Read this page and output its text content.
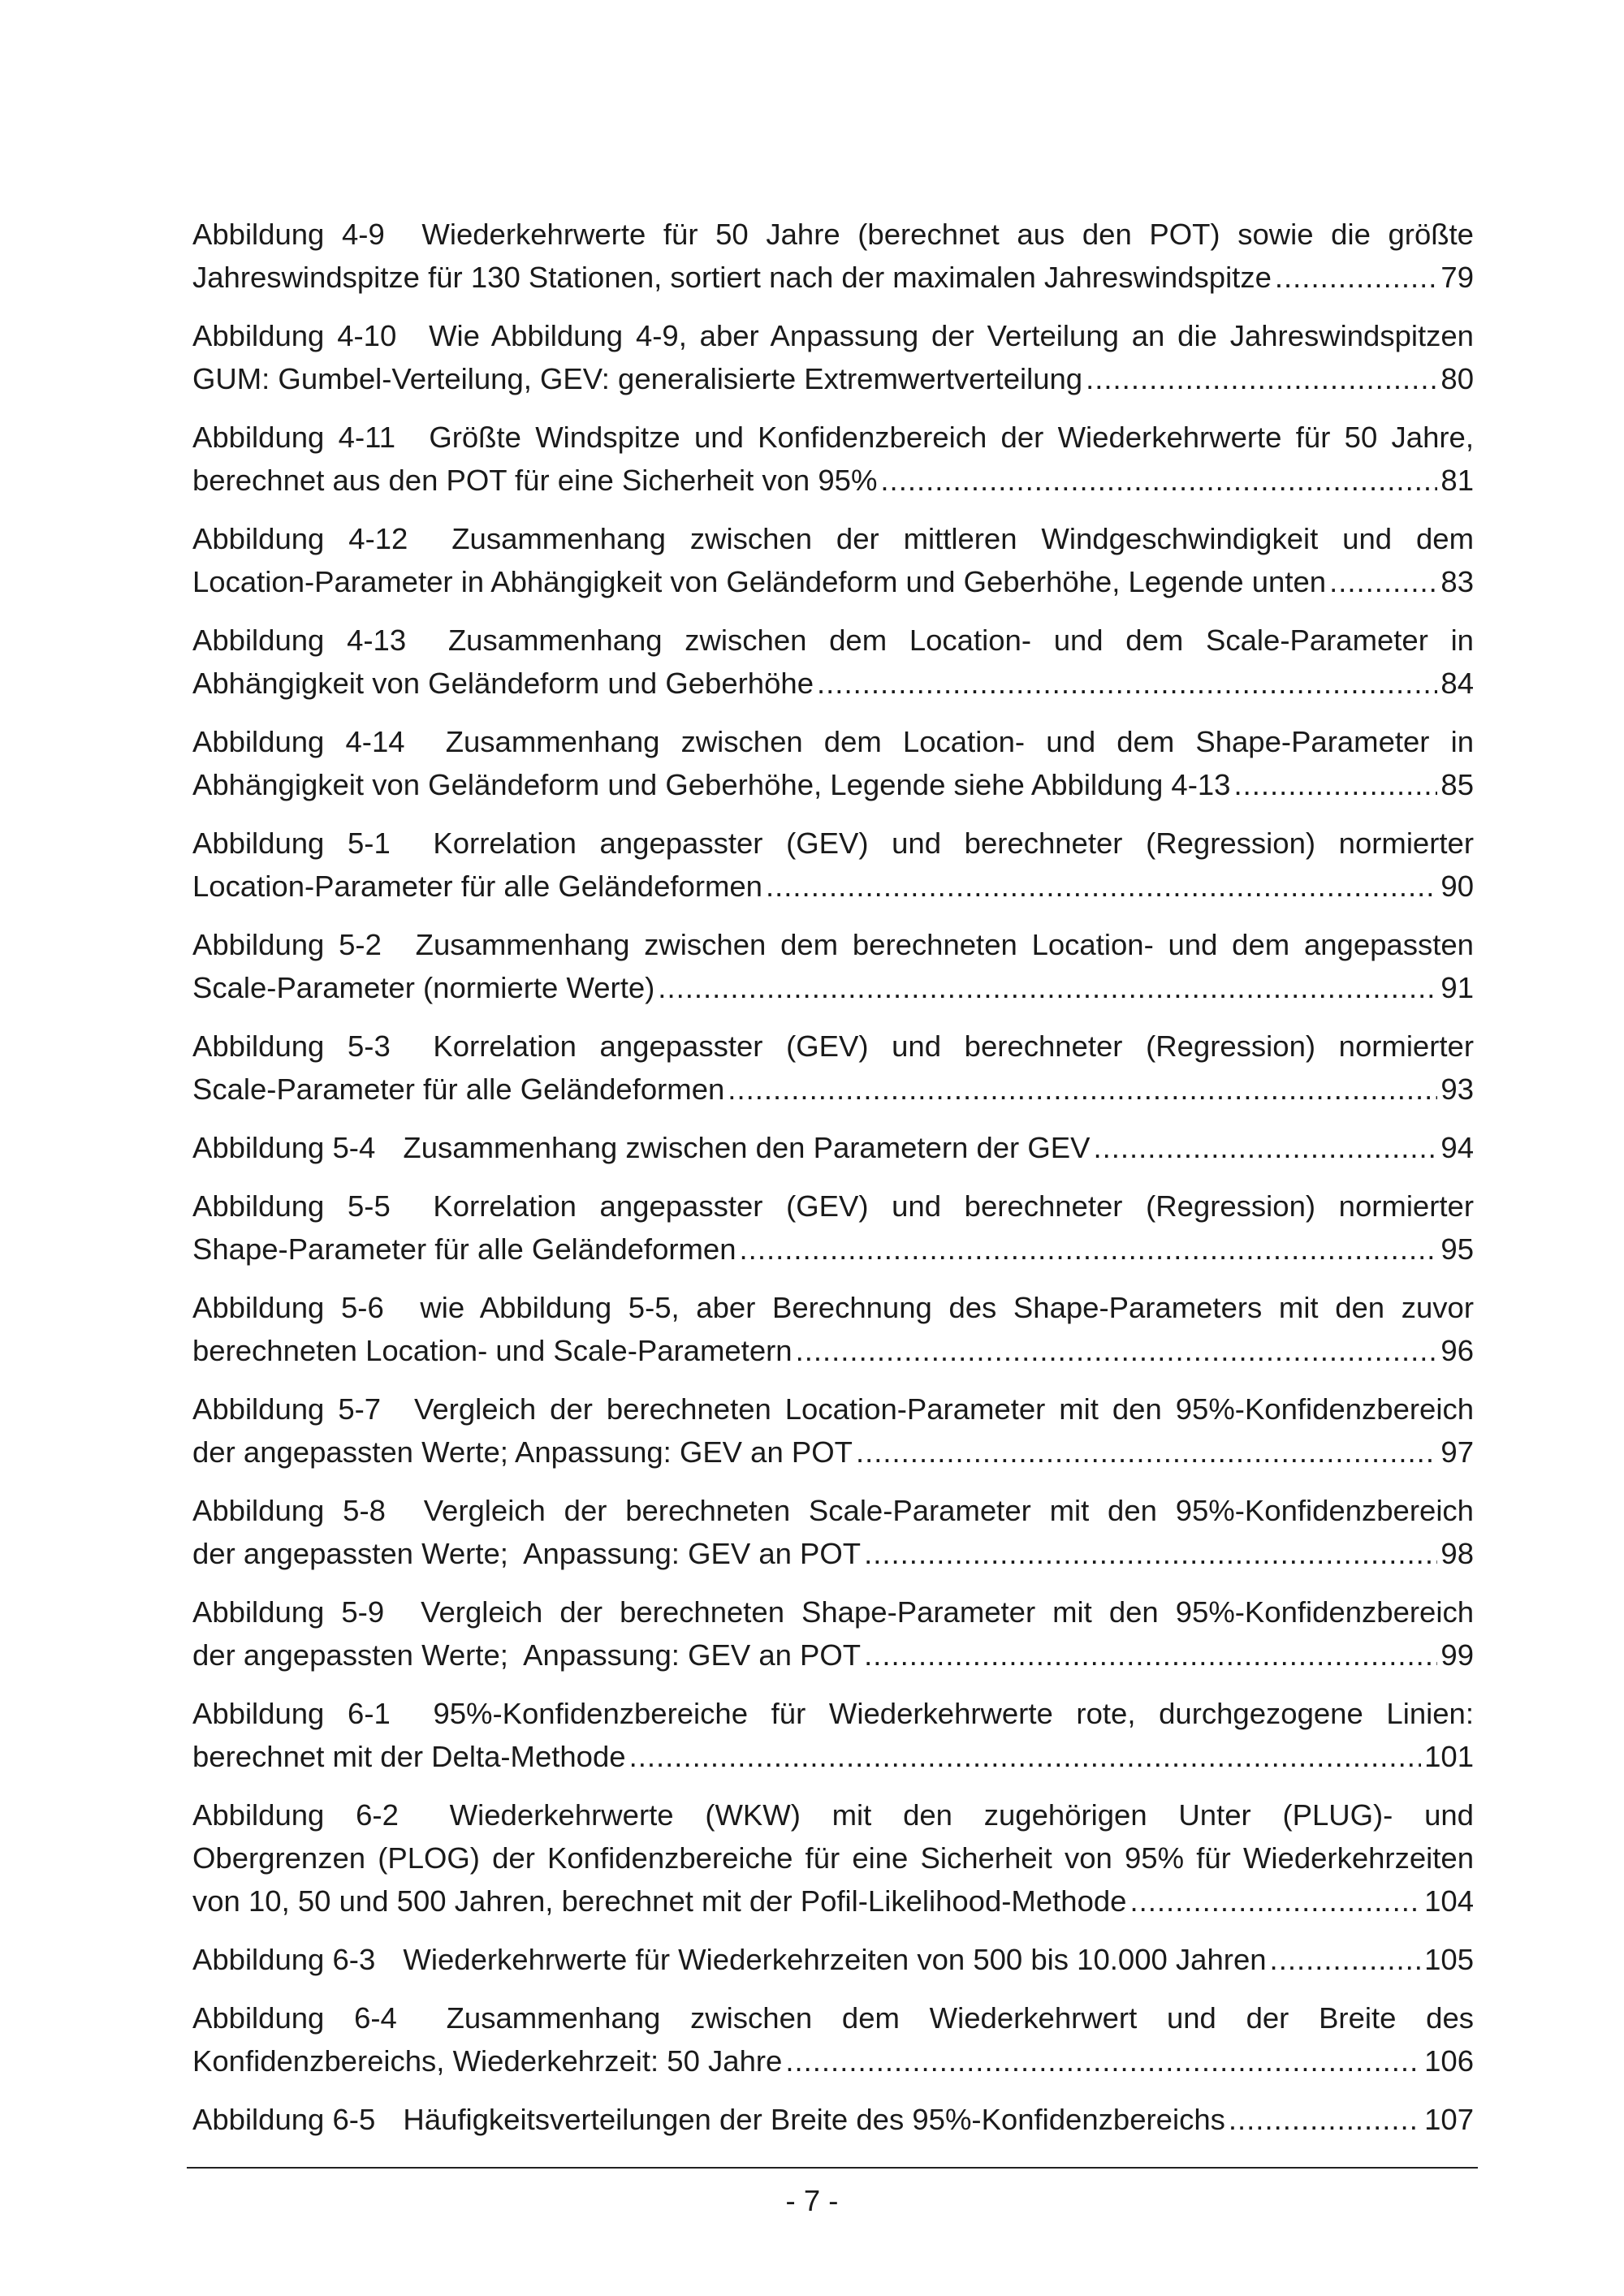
Abbildung 4-9 Wiederkehrwerte für 50 Jahre (berechnet aus den POT) sowie die größte
Jahreswindspitze für 130 Stationen, sortiert nach der maximalen Jahreswindspitze .....	79
Abbildung 4-10 Wie Abbildung 4-9, aber Anpassung der Verteilung an die Jahreswindspitzen
GUM: Gumbel-Verteilung, GEV: generalisierte Extremwertverteilung .....	80
Abbildung 4-11 Größte Windspitze und Konfidenzbereich der Wiederkehrwerte für 50 Jahre,
berechnet aus den POT für eine Sicherheit von 95% .....	81
Abbildung 4-12 Zusammenhang zwischen der mittleren Windgeschwindigkeit und dem
Location-Parameter in Abhängigkeit von Geländeform und Geberhöhe, Legende unten .....	83
Abbildung 4-13 Zusammenhang zwischen dem Location- und dem Scale-Parameter in
Abhängigkeit von Geländeform und Geberhöhe .....	84
Abbildung 4-14 Zusammenhang zwischen dem Location- und dem Shape-Parameter in
Abhängigkeit von Geländeform und Geberhöhe, Legende siehe Abbildung 4-13 .....	85
Abbildung 5-1 Korrelation angepasster (GEV) und berechneter (Regression) normierter
Location-Parameter für alle Geländeformen .....	90
Abbildung 5-2 Zusammenhang zwischen dem berechneten Location- und dem angepassten
Scale-Parameter (normierte Werte) .....	91
Abbildung 5-3 Korrelation angepasster (GEV) und berechneter (Regression) normierter
Scale-Parameter für alle Geländeformen .....	93
Abbildung 5-4 Zusammenhang zwischen den Parametern der GEV .....	94
Abbildung 5-5 Korrelation angepasster (GEV) und berechneter (Regression) normierter
Shape-Parameter für alle Geländeformen .....	95
Abbildung 5-6 wie Abbildung 5-5, aber Berechnung des Shape-Parameters mit den zuvor
berechneten Location- und Scale-Parametern .....	96
Abbildung 5-7 Vergleich der berechneten Location-Parameter mit den 95%-Konfidenzbereich
der angepassten Werte; Anpassung: GEV an POT .....	97
Abbildung 5-8 Vergleich der berechneten Scale-Parameter mit den 95%-Konfidenzbereich
der angepassten Werte;  Anpassung: GEV an POT .....	98
Abbildung 5-9 Vergleich der berechneten Shape-Parameter mit den 95%-Konfidenzbereich
der angepassten Werte;  Anpassung: GEV an POT .....	99
Abbildung 6-1 95%-Konfidenzbereiche für Wiederkehrwerte rote, durchgezogene Linien:
berechnet mit der Delta-Methode .....	101
Abbildung 6-2 Wiederkehrwerte (WKW) mit den zugehörigen Unter (PLUG)- und
Obergrenzen (PLOG) der Konfidenzbereiche für eine Sicherheit von 95% für Wiederkehrzeiten
von 10, 50 und 500 Jahren, berechnet mit der Pofil-Likelihood-Methode .....	104
Abbildung 6-3 Wiederkehrwerte für Wiederkehrzeiten von 500 bis 10.000 Jahren .....	105
Abbildung 6-4 Zusammenhang zwischen dem Wiederkehrwert und der Breite des
Konfidenzbereichs, Wiederkehrzeit: 50 Jahre .....	106
Abbildung 6-5 Häufigkeitsverteilungen der Breite des 95%-Konfidenzbereichs .....	107
- 7 -
